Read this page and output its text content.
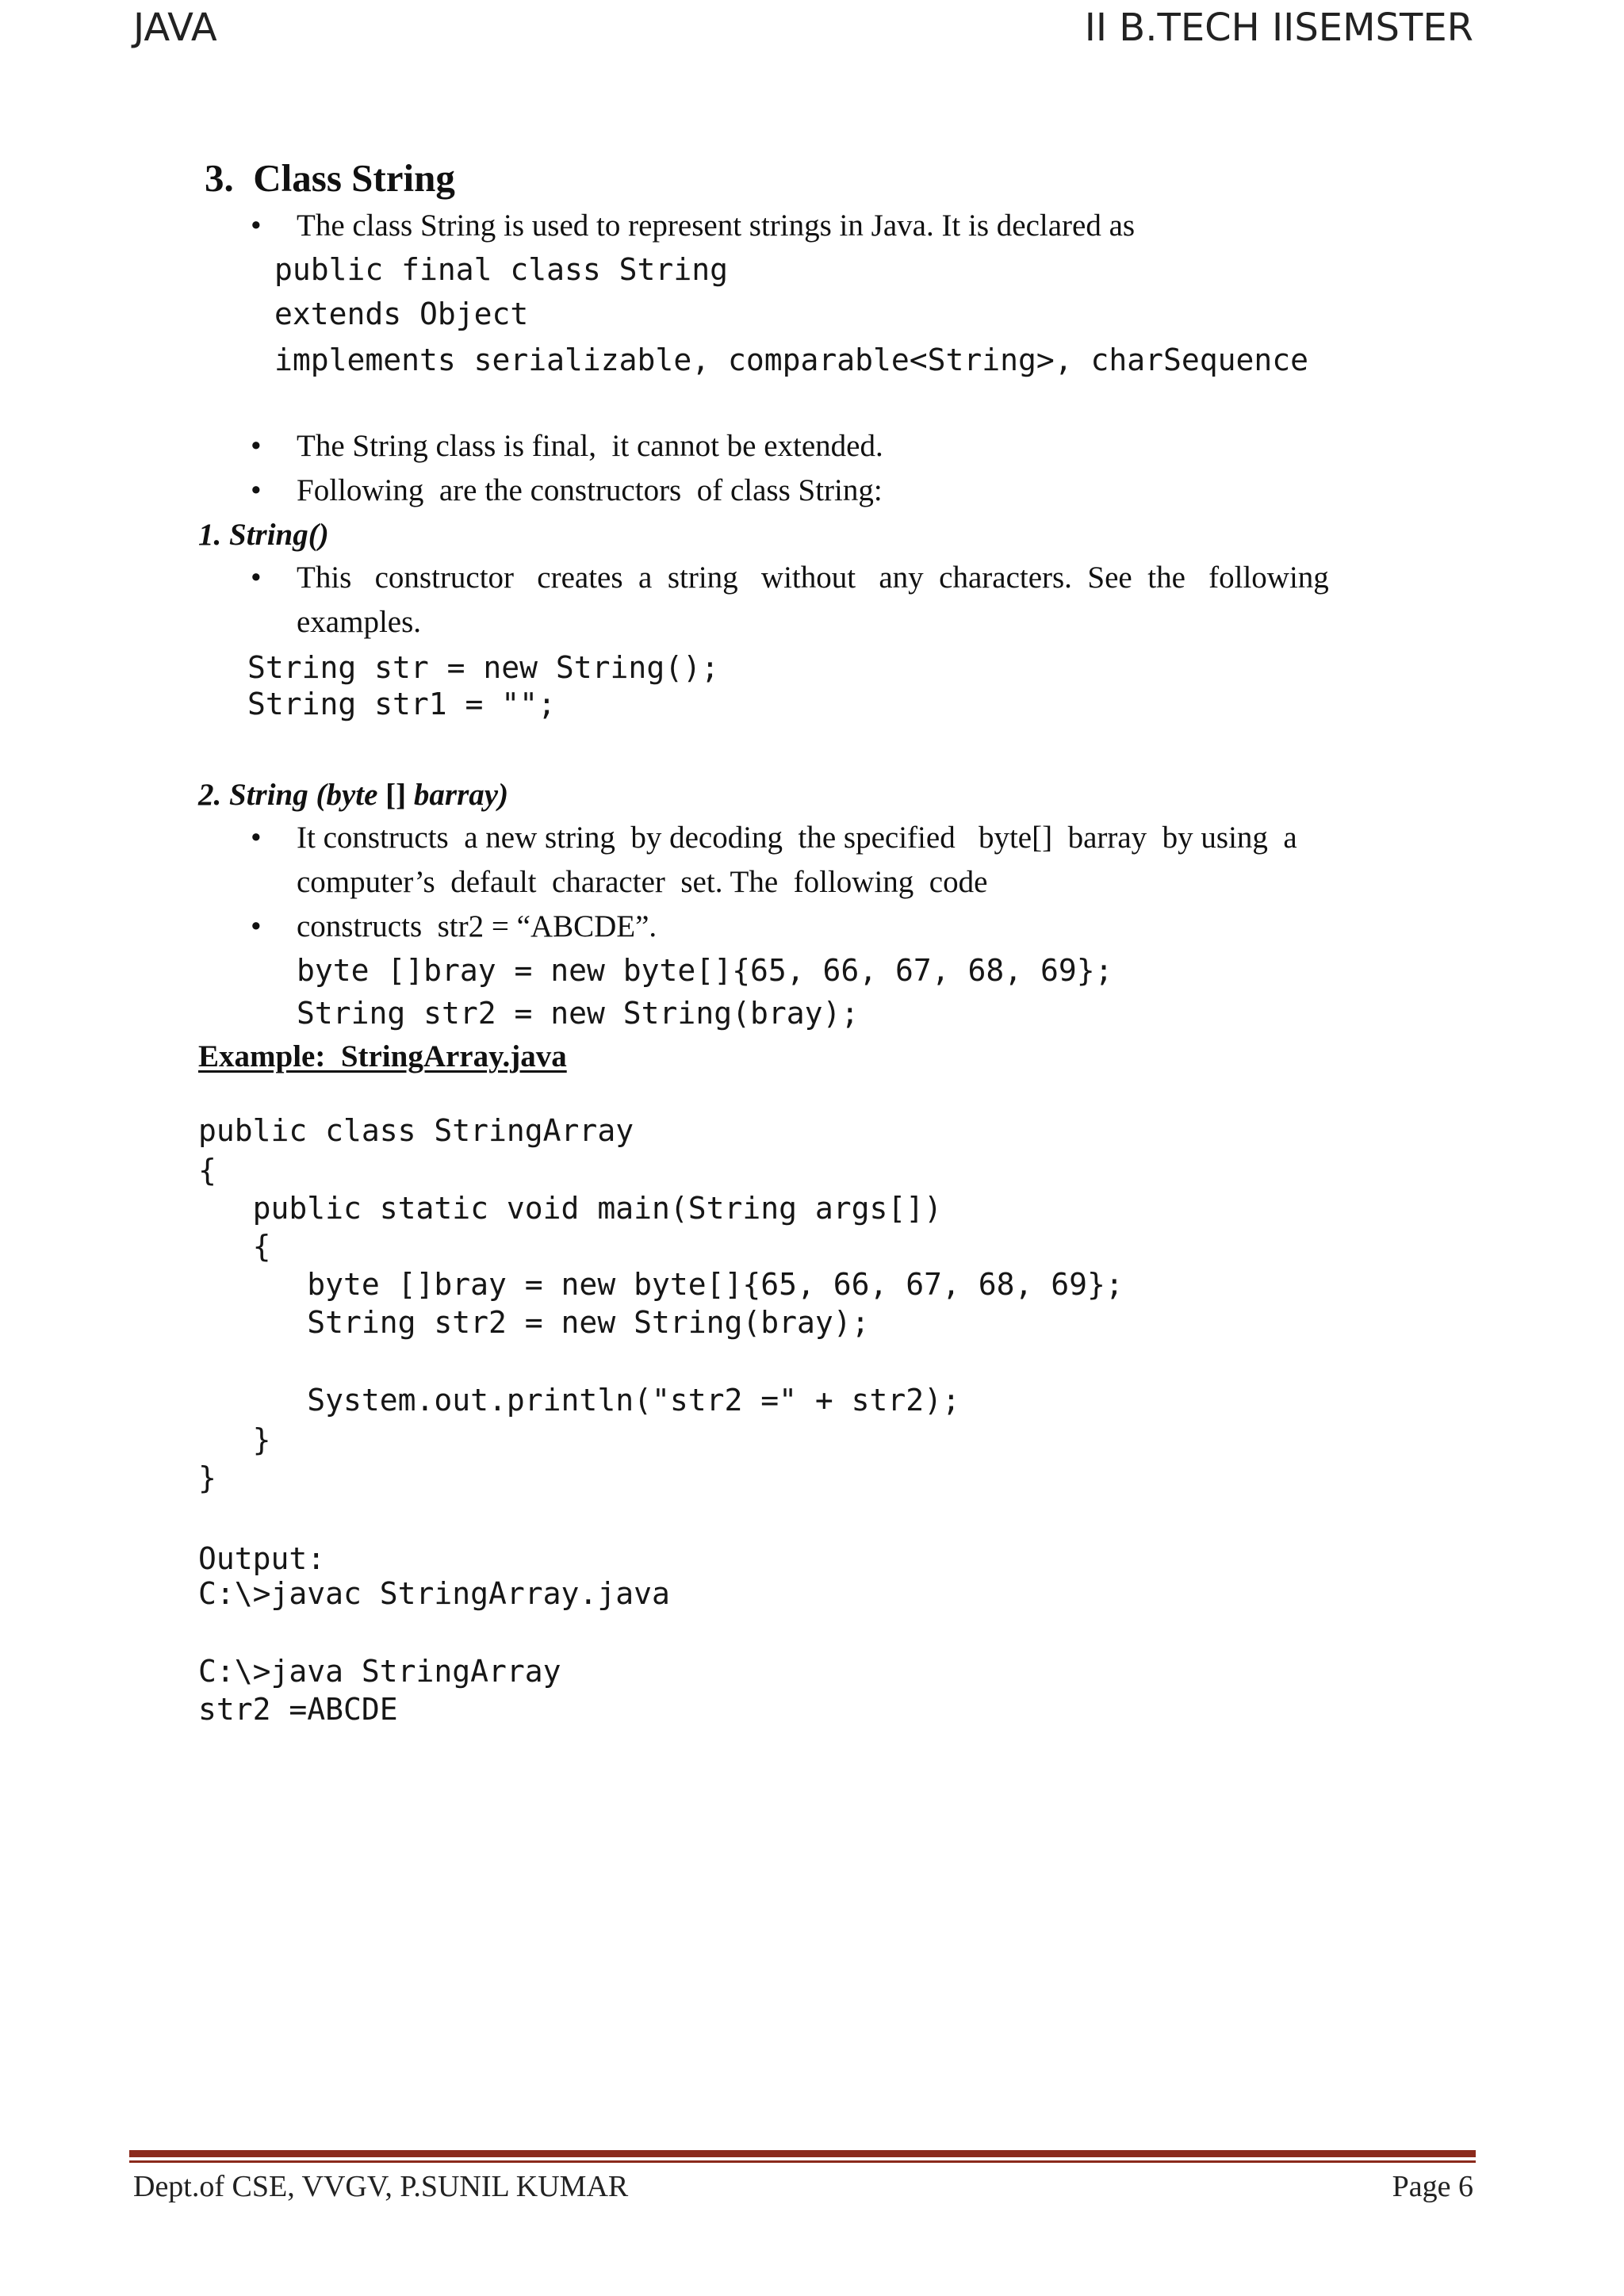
JAVA	II B.TECH IISEMSTER
3.  Class String
• The class String is used to represent strings in Java. It is declared as
public final class String
extends Object
implements serializable, comparable<String>, charSequence
• The String class is final,  it cannot be extended.
• Following  are the constructors  of class String:
1. String()
• This   constructor   creates  a  string   without   any  characters.  See  the   following
examples.
String str = new String();
String str1 = "";
2. String (byte [] barray)
• It constructs  a new string  by decoding  the specified   byte[]  barray  by using  a
computer’s  default  character  set. The  following  code
• constructs  str2 = “ABCDE”.
byte []bray = new byte[]{65, 66, 67, 68, 69};
String str2 = new String(bray);
Example:  StringArray.java
public class StringArray
{
public static void main(String args[])
{
byte []bray = new byte[]{65, 66, 67, 68, 69};
String str2 = new String(bray);
System.out.println("str2 =" + str2);
}
}
Output:
C:\>javac StringArray.java
C:\>java StringArray
str2 =ABCDE
Dept.of CSE, VVGV, P.SUNIL KUMAR	Page 6
